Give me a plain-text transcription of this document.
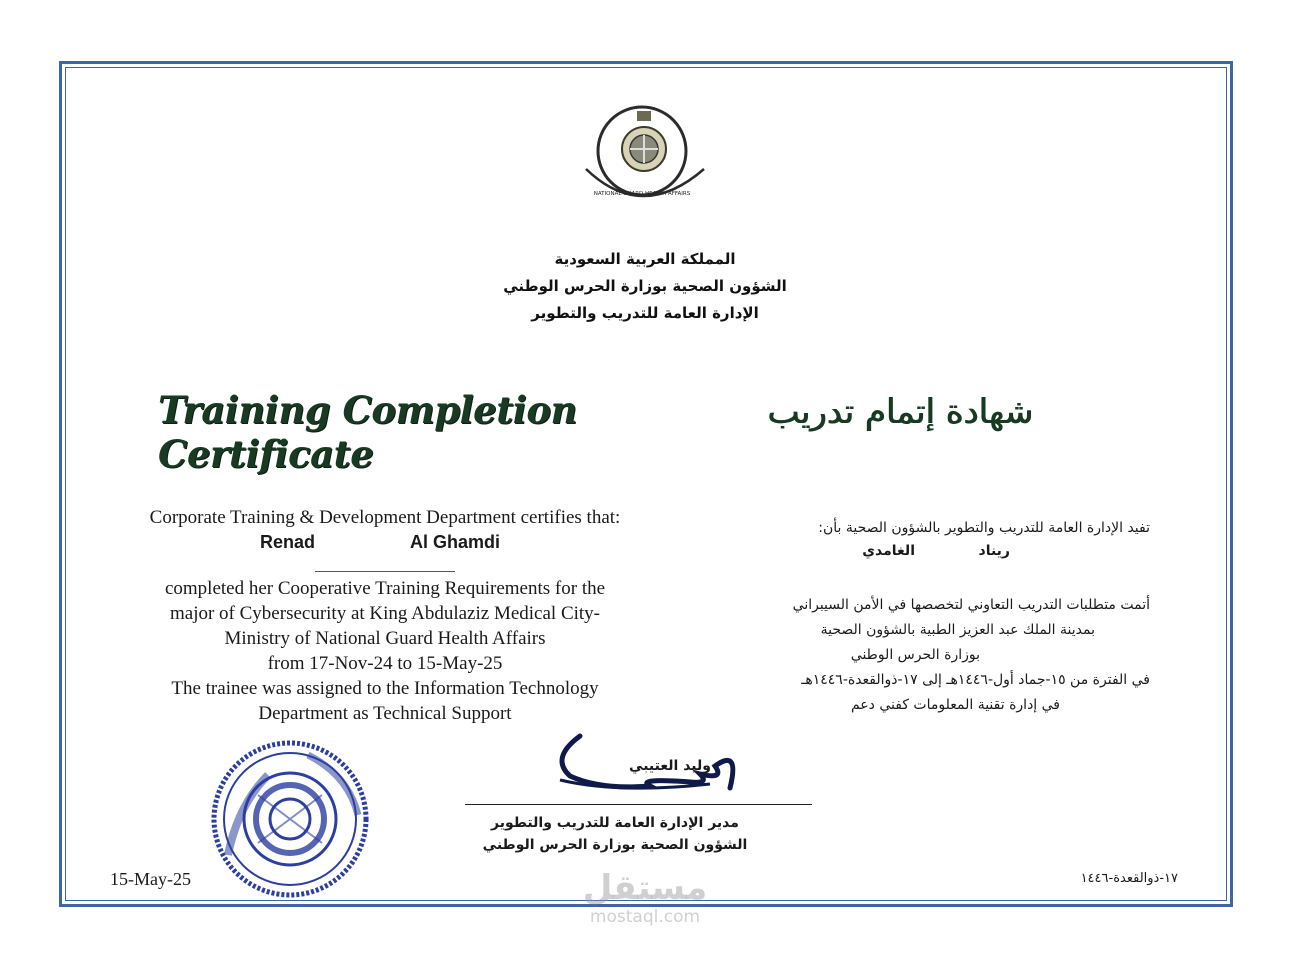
NATIONAL GUARD HEALTH AFFAIRS
المملكة العربية السعودية
الشؤون الصحية بوزارة الحرس الوطني
الإدارة العامة للتدريب والتطوير
Training Completion Certificate
شهادة إتمام تدريب
Corporate Training & Development Department certifies that:
Renad	Al Ghamdi
completed her Cooperative Training Requirements for the
major of Cybersecurity at King Abdulaziz Medical City-
Ministry of National Guard Health Affairs
from 17-Nov-24 to 15-May-25
The trainee was assigned to the Information Technology
Department as Technical Support
تفيد الإدارة العامة للتدريب والتطوير بالشؤون الصحية بأن:
ريناد
الغامدي
أتمت متطلبات التدريب التعاوني لتخصصها في الأمن السيبراني
بمدينة الملك عبد العزيز الطبية بالشؤون الصحية
بوزارة الحرس الوطني
في الفترة من ١٥-جماد أول-١٤٤٦هـ إلى ١٧-ذوالقعدة-١٤٤٦هـ
في إدارة تقنية المعلومات كفني دعم
وليد العتيبي
مدير الإدارة العامة للتدريب والتطوير
الشؤون الصحية بوزارة الحرس الوطني
15-May-25	١٧-ذوالقعدة-١٤٤٦
مستقل
mostaql.com
